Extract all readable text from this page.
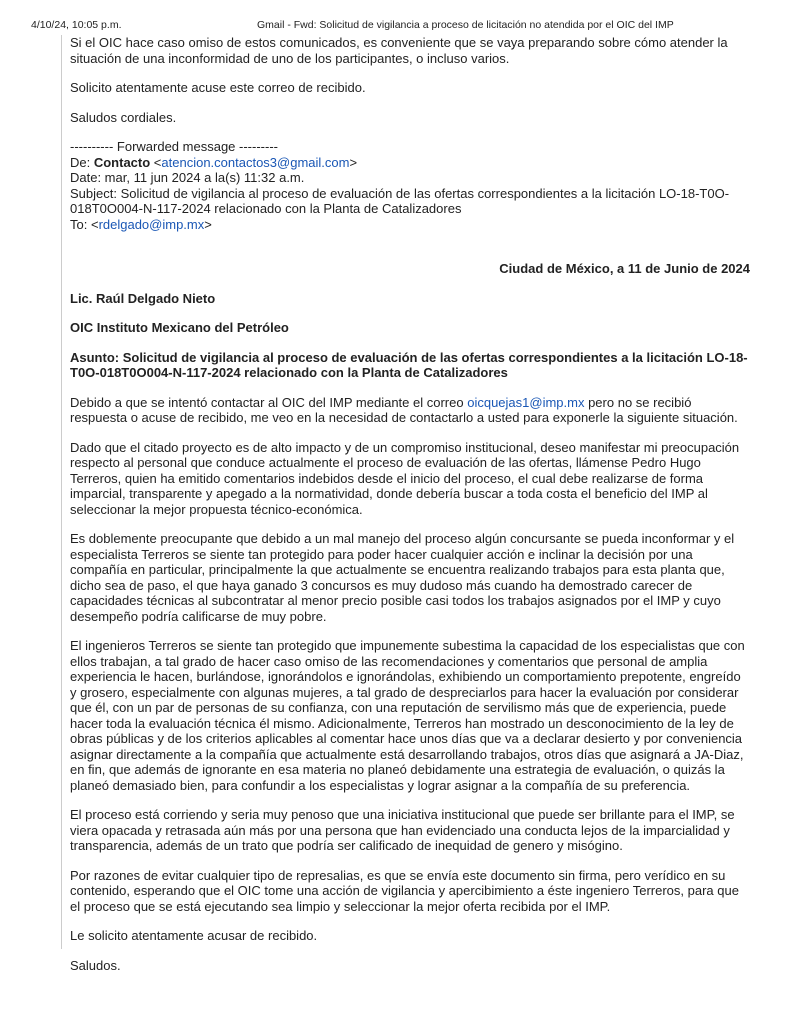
4/10/24, 10:05 p.m.	Gmail - Fwd: Solicitud de vigilancia a proceso de licitación no atendida por el OIC del IMP

Si el OIC hace caso omiso de estos comunicados, es conveniente que se vaya preparando sobre cómo atender la situación de una inconformidad de uno de los participantes, o incluso varios.

Solicito atentamente acuse este correo de recibido.

Saludos cordiales.

---------- Forwarded message ---------
De: Contacto <atencion.contactos3@gmail.com>
Date: mar, 11 jun 2024 a la(s) 11:32 a.m.
Subject: Solicitud de vigilancia al proceso de evaluación de las ofertas correspondientes a la licitación LO-18-T0O-018T0O004-N-117-2024 relacionado con la Planta de Catalizadores
To: <rdelgado@imp.mx>

Ciudad de México, a 11 de Junio de 2024

Lic. Raúl Delgado Nieto

OIC Instituto Mexicano del Petróleo

Asunto: Solicitud de vigilancia al proceso de evaluación de las ofertas correspondientes a la licitación LO-18-T0O-018T0O004-N-117-2024 relacionado con la Planta de Catalizadores

Debido a que se intentó contactar al OIC del IMP mediante el correo oicquejas1@imp.mx pero no se recibió respuesta o acuse de recibido, me veo en la necesidad de contactarlo a usted para exponerle la siguiente situación.

Dado que el citado proyecto es de alto impacto y de un compromiso institucional, deseo manifestar mi preocupación respecto al personal que conduce actualmente el proceso de evaluación de las ofertas, llámense Pedro Hugo Terreros, quien ha emitido comentarios indebidos desde el inicio del proceso, el cual debe realizarse de forma imparcial, transparente y apegado a la normatividad, donde debería buscar a toda costa el beneficio del IMP al seleccionar la mejor propuesta técnico-económica.

Es doblemente preocupante que debido a un mal manejo del proceso algún concursante se pueda inconformar y el especialista Terreros se siente tan protegido para poder hacer cualquier acción e inclinar la decisión por una compañía en particular, principalmente la que actualmente se encuentra realizando trabajos para esta planta que, dicho sea de paso, el que haya ganado 3 concursos es muy dudoso más cuando ha demostrado carecer de capacidades técnicas al subcontratar al menor precio posible casi todos los trabajos asignados por el IMP y cuyo desempeño podría calificarse de muy pobre.

El ingenieros Terreros se siente tan protegido que impunemente subestima la capacidad de los especialistas que con ellos trabajan, a tal grado de hacer caso omiso de las recomendaciones y comentarios que personal de amplia experiencia le hacen, burlándose, ignorándolos e ignorándolas, exhibiendo un comportamiento prepotente, engreído y grosero, especialmente con algunas mujeres, a tal grado de despreciarlos para hacer la evaluación por considerar que él, con un par de personas de su confianza, con una reputación de servilismo más que de experiencia, puede hacer toda la evaluación técnica él mismo. Adicionalmente, Terreros han mostrado un desconocimiento de la ley de obras públicas y de los criterios aplicables al comentar hace unos días que va a declarar desierto y por conveniencia asignar directamente a la compañía que actualmente está desarrollando trabajos, otros días que asignará a JA-Diaz, en fin, que además de ignorante en esa materia no planeó debidamente una estrategia de evaluación, o quizás la planeó demasiado bien, para confundir a los especialistas y lograr asignar a la compañía de su preferencia.

El proceso está corriendo y seria muy penoso que una iniciativa institucional que puede ser brillante para el IMP, se viera opacada y retrasada aún más por una persona que han evidenciado una conducta lejos de la imparcialidad y transparencia, además de un trato que podría ser calificado de inequidad de genero y misógino.

Por razones de evitar cualquier tipo de represalias, es que se envía este documento sin firma, pero verídico en su contenido, esperando que el OIC tome una acción de vigilancia y apercibimiento a éste ingeniero Terreros, para que el proceso que se está ejecutando sea limpio y seleccionar la mejor oferta recibida por el IMP.

Le solicito atentamente acusar de recibido.

Saludos.
